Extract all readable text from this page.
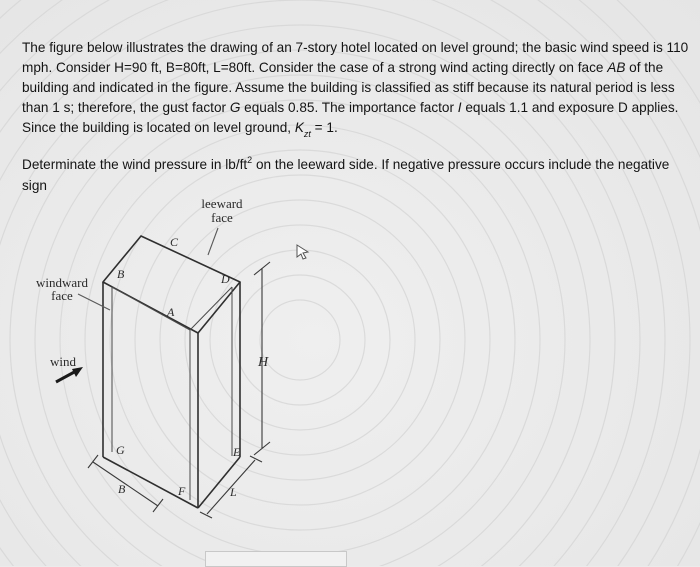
The figure below illustrates the drawing of an 7-story hotel located on level ground; the basic wind speed is 110 mph. Consider H=90 ft, B=80ft, L=80ft. Consider the case of a strong wind acting directly on face AB of the building and indicated in the figure. Assume the building is classified as stiff because its natural period is less than 1 s; therefore, the gust factor G equals 0.85. The importance factor I equals 1.1 and exposure D applies. Since the building is located on level ground, $K_{zt} = 1$.

Determinate the wind pressure in $lb/ft^2$ on the leeward side. If negative pressure occurs include the negative sign

leeward
face
windward
face
wind
C
B	D
A
G	E
F
H
B	L
